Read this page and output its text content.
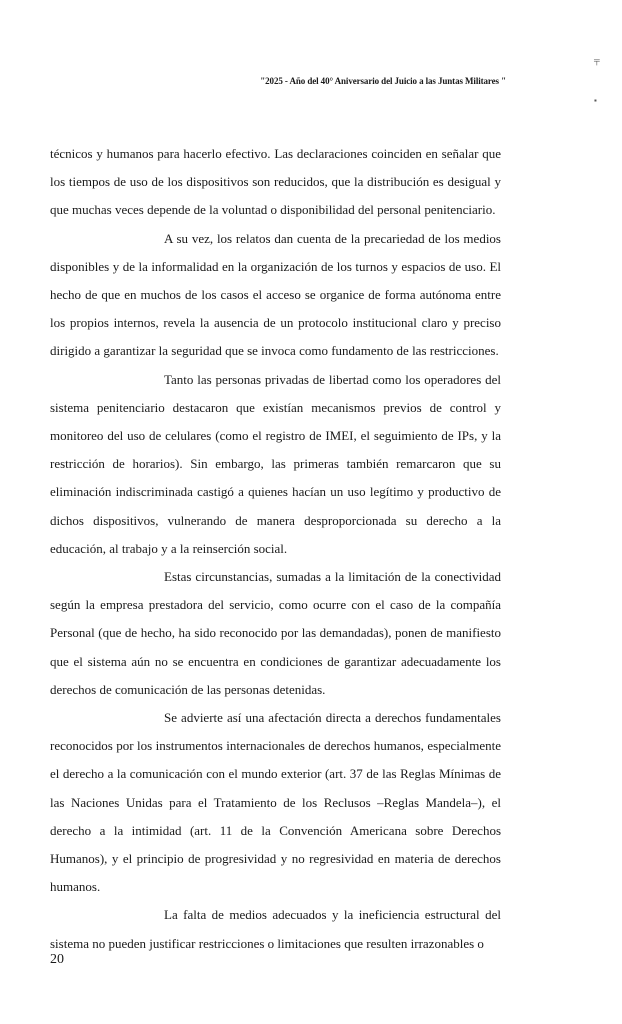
"2025 - Año del 40° Aniversario del Juicio a las Juntas Militares "
╤
▪

técnicos y humanos para hacerlo efectivo. Las declaraciones coinciden en señalar que los tiempos de uso de los dispositivos son reducidos, que la distribución es desigual y que muchas veces depende de la voluntad o disponibilidad del personal penitenciario.

A su vez, los relatos dan cuenta de la precariedad de los medios disponibles y de la informalidad en la organización de los turnos y espacios de uso. El hecho de que en muchos de los casos el acceso se organice de forma autónoma entre los propios internos, revela la ausencia de un protocolo institucional claro y preciso dirigido a garantizar la seguridad que se invoca como fundamento de las restricciones.

Tanto las personas privadas de libertad como los operadores del sistema penitenciario destacaron que existían mecanismos previos de control y monitoreo del uso de celulares (como el registro de IMEI, el seguimiento de IPs, y la restricción de horarios). Sin embargo, las primeras también remarcaron que su eliminación indiscriminada castigó a quienes hacían un uso legítimo y productivo de dichos dispositivos, vulnerando de manera desproporcionada su derecho a la educación, al trabajo y a la reinserción social.

Estas circunstancias, sumadas a la limitación de la conectividad según la empresa prestadora del servicio, como ocurre con el caso de la compañía Personal (que de hecho, ha sido reconocido por las demandadas), ponen de manifiesto que el sistema aún no se encuentra en condiciones de garantizar adecuadamente los derechos de comunicación de las personas detenidas.

Se advierte así una afectación directa a derechos fundamentales reconocidos por los instrumentos internacionales de derechos humanos, especialmente el derecho a la comunicación con el mundo exterior (art. 37 de las Reglas Mínimas de las Naciones Unidas para el Tratamiento de los Reclusos –Reglas Mandela–), el derecho a la intimidad (art. 11 de la Convención Americana sobre Derechos Humanos), y el principio de progresividad y no regresividad en materia de derechos humanos.

La falta de medios adecuados y la ineficiencia estructural del sistema no pueden justificar restricciones o limitaciones que resulten irrazonables o

20
